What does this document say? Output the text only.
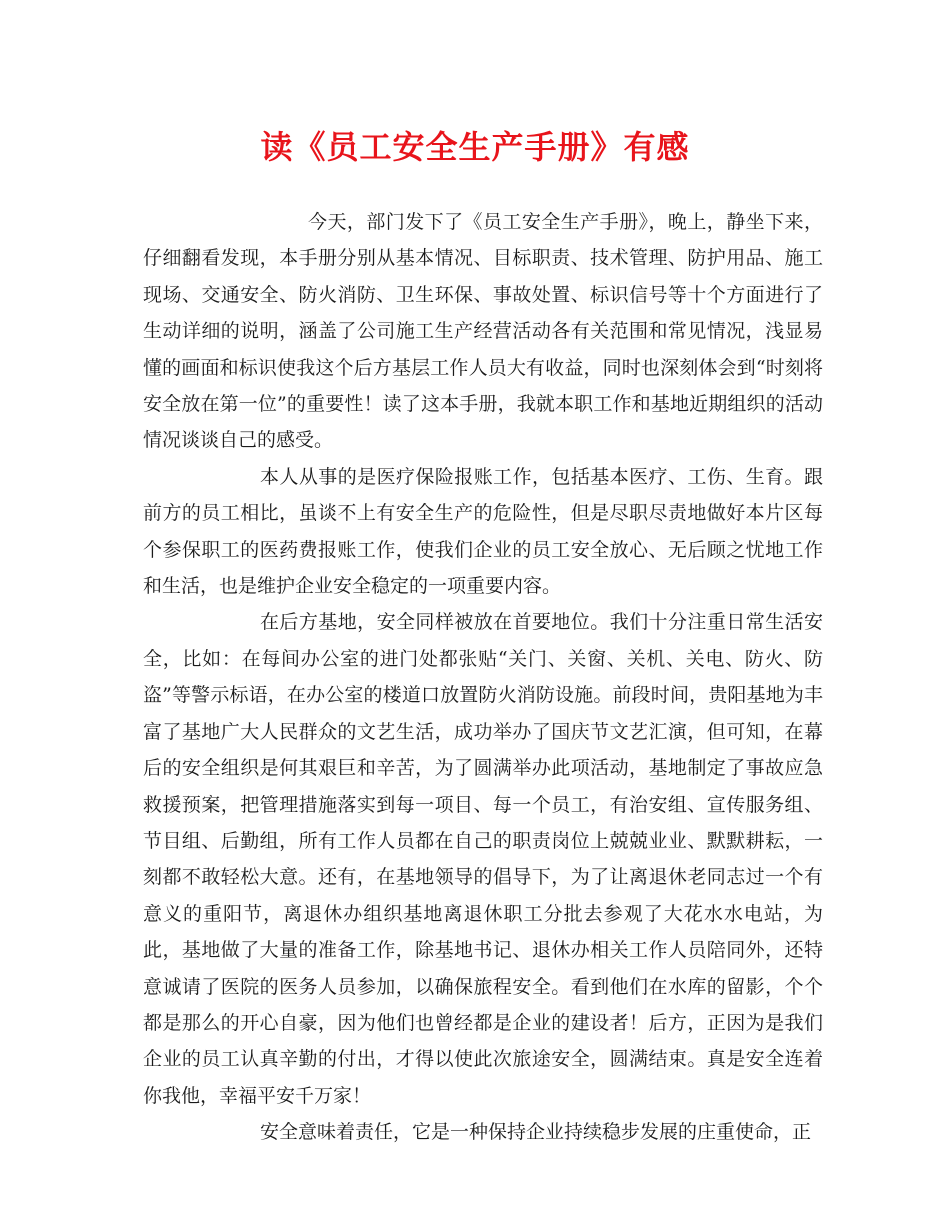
读《员工安全生产手册》有感

今天，部门发下了《员工安全生产手册》，晚上，静坐下来，仔细翻看发现，本手册分别从基本情况、目标职责、技术管理、防护用品、施工现场、交通安全、防火消防、卫生环保、事故处置、标识信号等十个方面进行了生动详细的说明，涵盖了公司施工生产经营活动各有关范围和常见情况，浅显易懂的画面和标识使我这个后方基层工作人员大有收益，同时也深刻体会到“时刻将安全放在第一位”的重要性！读了这本手册，我就本职工作和基地近期组织的活动情况谈谈自己的感受。

本人从事的是医疗保险报账工作，包括基本医疗、工伤、生育。跟前方的员工相比，虽谈不上有安全生产的危险性，但是尽职尽责地做好本片区每个参保职工的医药费报账工作，使我们企业的员工安全放心、无后顾之忧地工作和生活，也是维护企业安全稳定的一项重要内容。

在后方基地，安全同样被放在首要地位。我们十分注重日常生活安全，比如：在每间办公室的进门处都张贴“关门、关窗、关机、关电、防火、防盗”等警示标语，在办公室的楼道口放置防火消防设施。前段时间，贵阳基地为丰富了基地广大人民群众的文艺生活，成功举办了国庆节文艺汇演，但可知，在幕后的安全组织是何其艰巨和辛苦，为了圆满举办此项活动，基地制定了事故应急救援预案，把管理措施落实到每一项目、每一个员工，有治安组、宣传服务组、节目组、后勤组，所有工作人员都在自己的职责岗位上兢兢业业、默默耕耘，一刻都不敢轻松大意。还有，在基地领导的倡导下，为了让离退休老同志过一个有意义的重阳节，离退休办组织基地离退休职工分批去参观了大花水水电站，为此，基地做了大量的准备工作，除基地书记、退休办相关工作人员陪同外，还特意诚请了医院的医务人员参加，以确保旅程安全。看到他们在水库的留影，个个都是那么的开心自豪，因为他们也曾经都是企业的建设者！后方，正因为是我们企业的员工认真辛勤的付出，才得以使此次旅途安全，圆满结束。真是安全连着你我他，幸福平安千万家！

安全意味着责任，它是一种保持企业持续稳步发展的庄重使命，正
